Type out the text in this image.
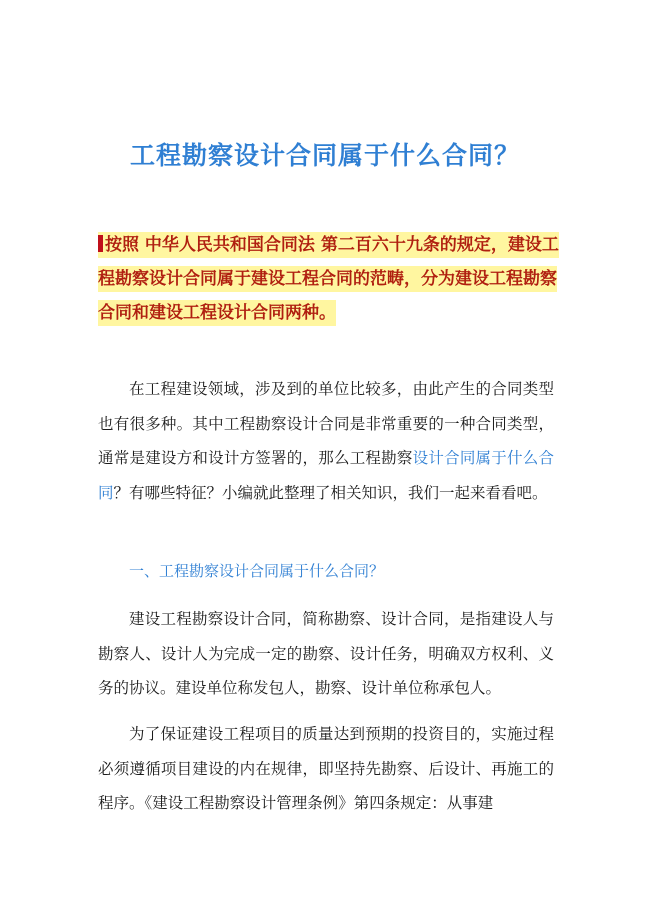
工程勘察设计合同属于什么合同？
按照 中华人民共和国合同法 第二百六十九条的规定，建设工程勘察设计合同属于建设工程合同的范畴，分为建设工程勘察合同和建设工程设计合同两种。
在工程建设领域，涉及到的单位比较多，由此产生的合同类型也有很多种。其中工程勘察设计合同是非常重要的一种合同类型，通常是建设方和设计方签署的，那么工程勘察设计合同属于什么合同？有哪些特征？小编就此整理了相关知识，我们一起来看看吧。
一、工程勘察设计合同属于什么合同？
建设工程勘察设计合同，简称勘察、设计合同，是指建设人与勘察人、设计人为完成一定的勘察、设计任务，明确双方权利、义务的协议。建设单位称发包人，勘察、设计单位称承包人。
为了保证建设工程项目的质量达到预期的投资目的，实施过程必须遵循项目建设的内在规律，即坚持先勘察、后设计、再施工的程序。《建设工程勘察设计管理条例》第四条规定：从事建
